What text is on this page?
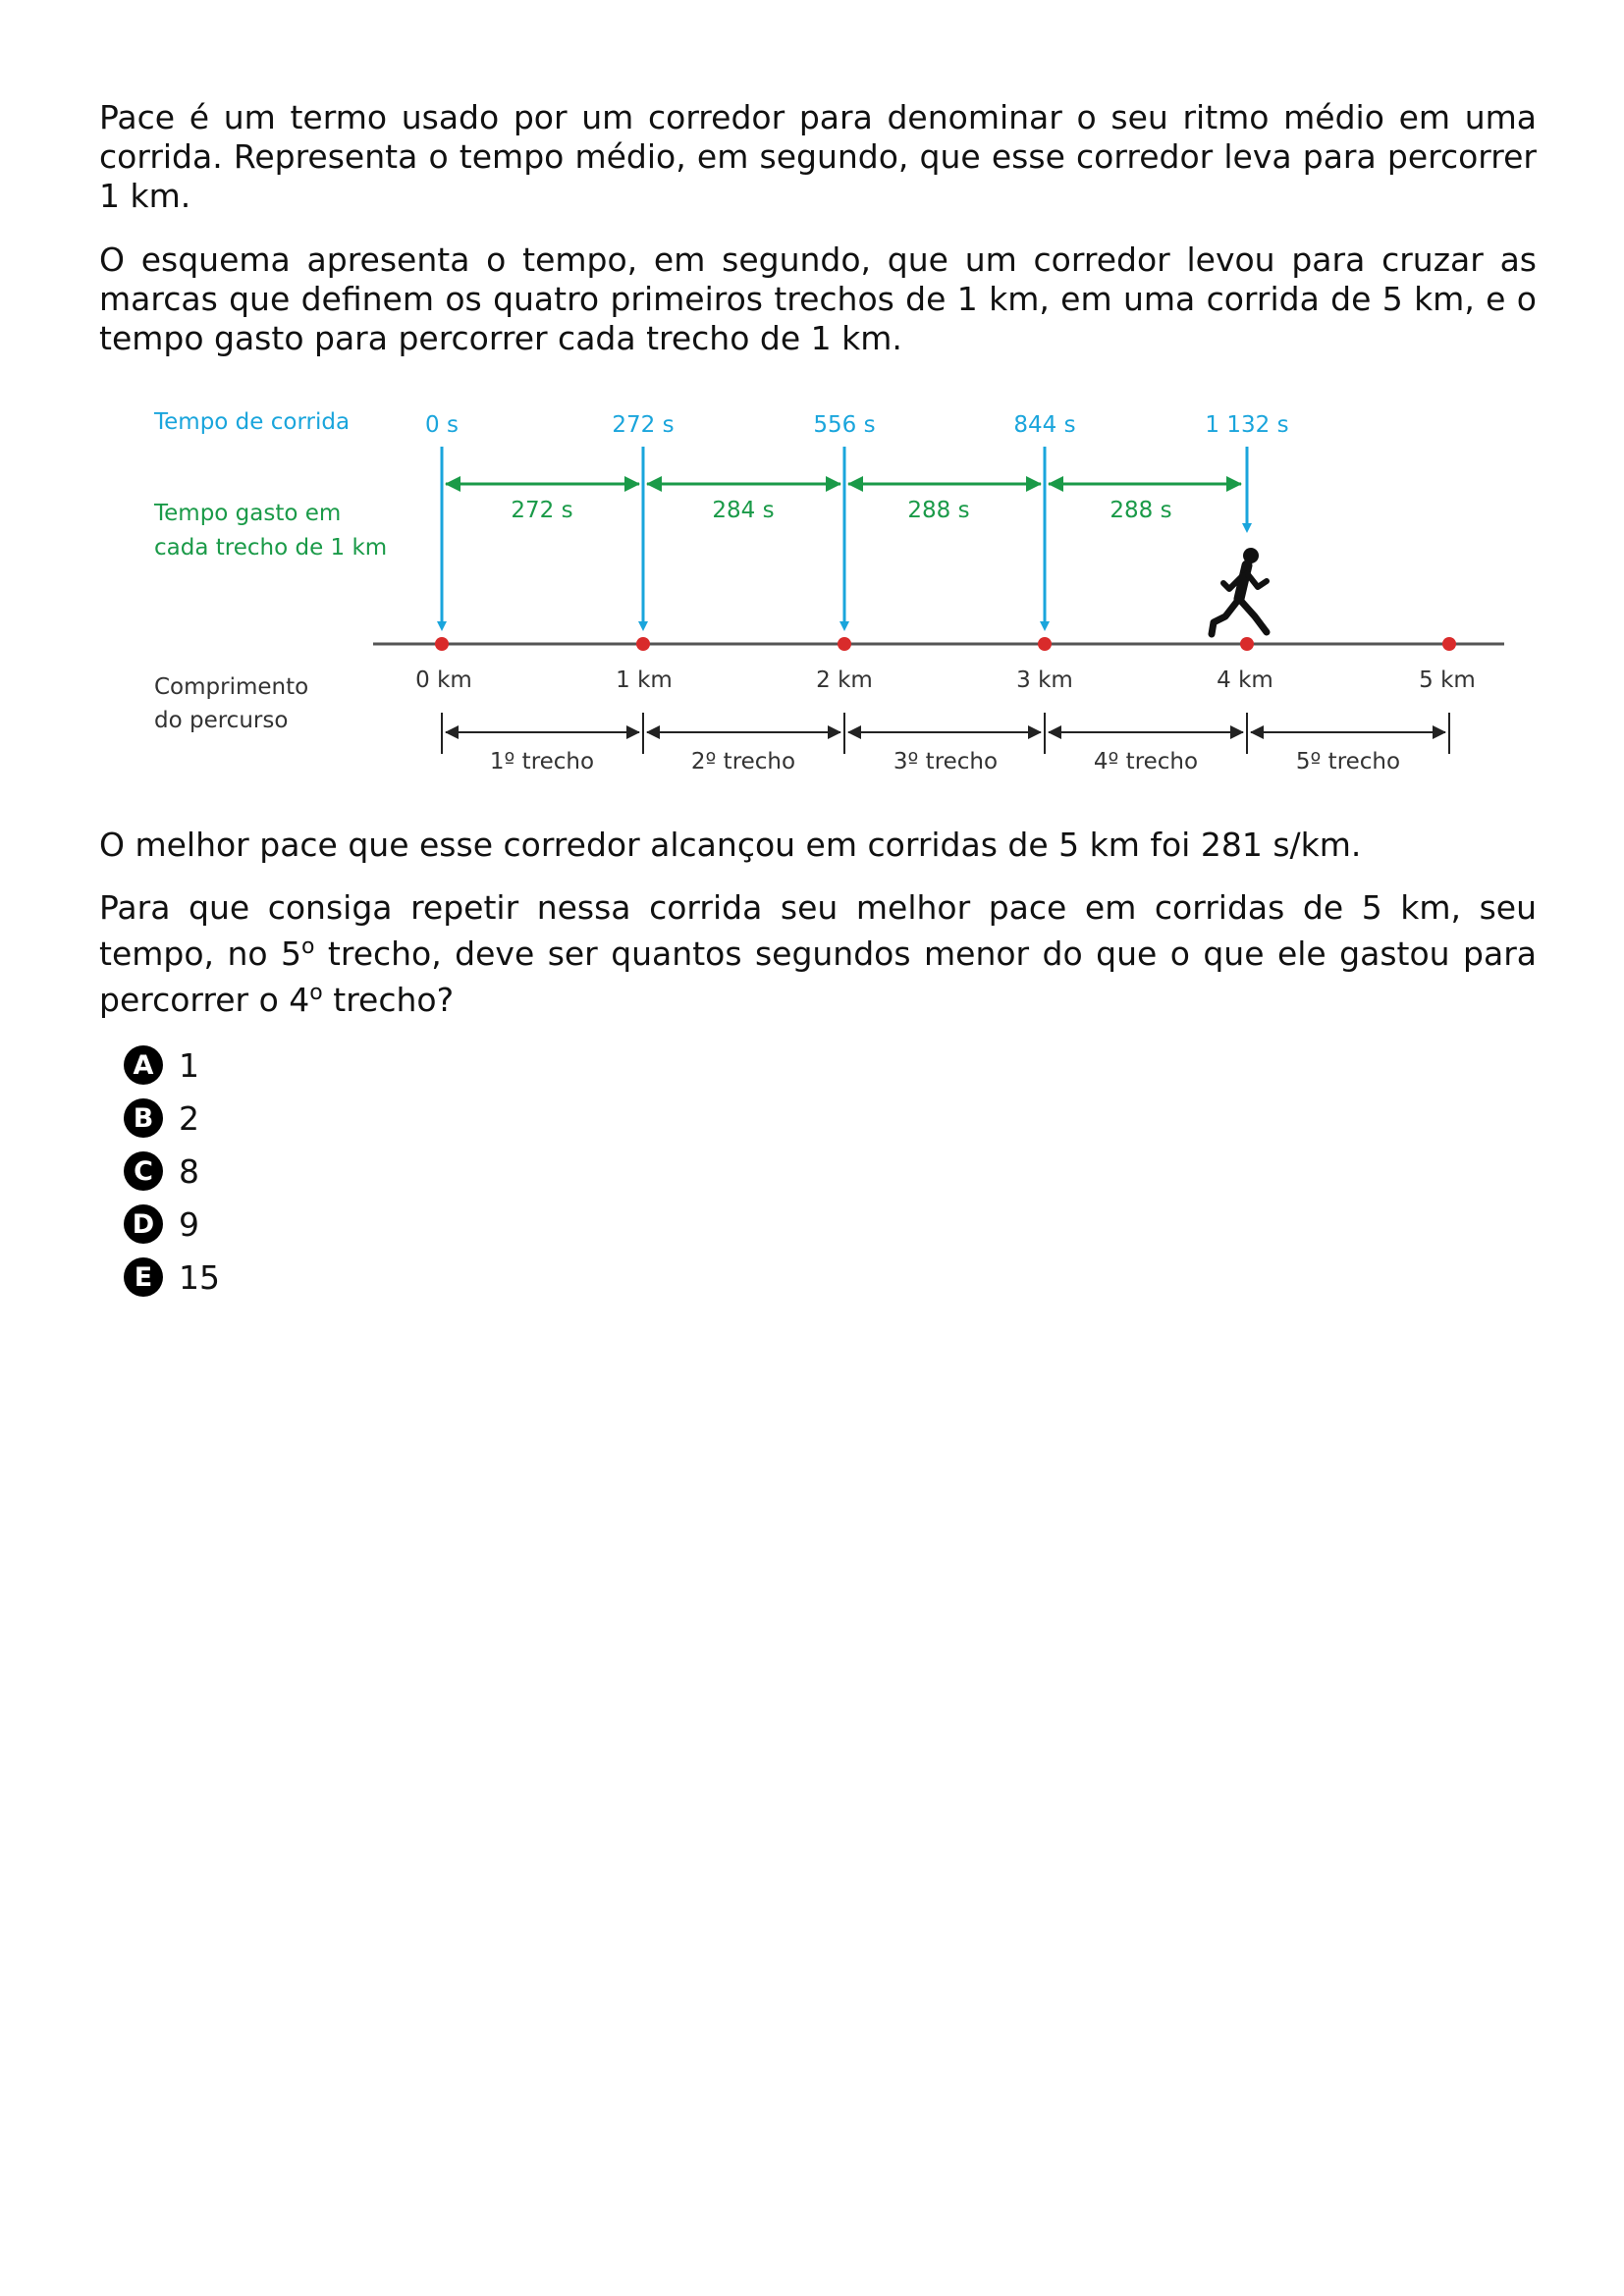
Pace é um termo usado por um corredor para denominar o seu ritmo médio em uma corrida. Representa o tempo médio, em segundo, que esse corredor leva para percorrer 1 km.

O esquema apresenta o tempo, em segundo, que um corredor levou para cruzar as marcas que definem os quatro primeiros trechos de 1 km, em uma corrida de 5 km, e o tempo gasto para percorrer cada trecho de 1 km.

Tempo de corrida
Tempo gasto em
cada trecho de 1 km
Comprimento
do percurso
0 s	272 s	556 s	844 s	1 132 s
272 s	284 s	288 s	288 s
0 km	1 km	2 km	3 km	4 km	5 km
1º trecho	2º trecho	3º trecho	4º trecho	5º trecho

O melhor pace que esse corredor alcançou em corridas de 5 km foi 281 s/km.

Para que consiga repetir nessa corrida seu melhor pace em corridas de 5 km, seu tempo, no 5$^o$ trecho, deve ser quantos segundos menor do que o que ele gastou para percorrer o 4$^o$ trecho?

A 1
B 2
C 8
D 9
E 15
